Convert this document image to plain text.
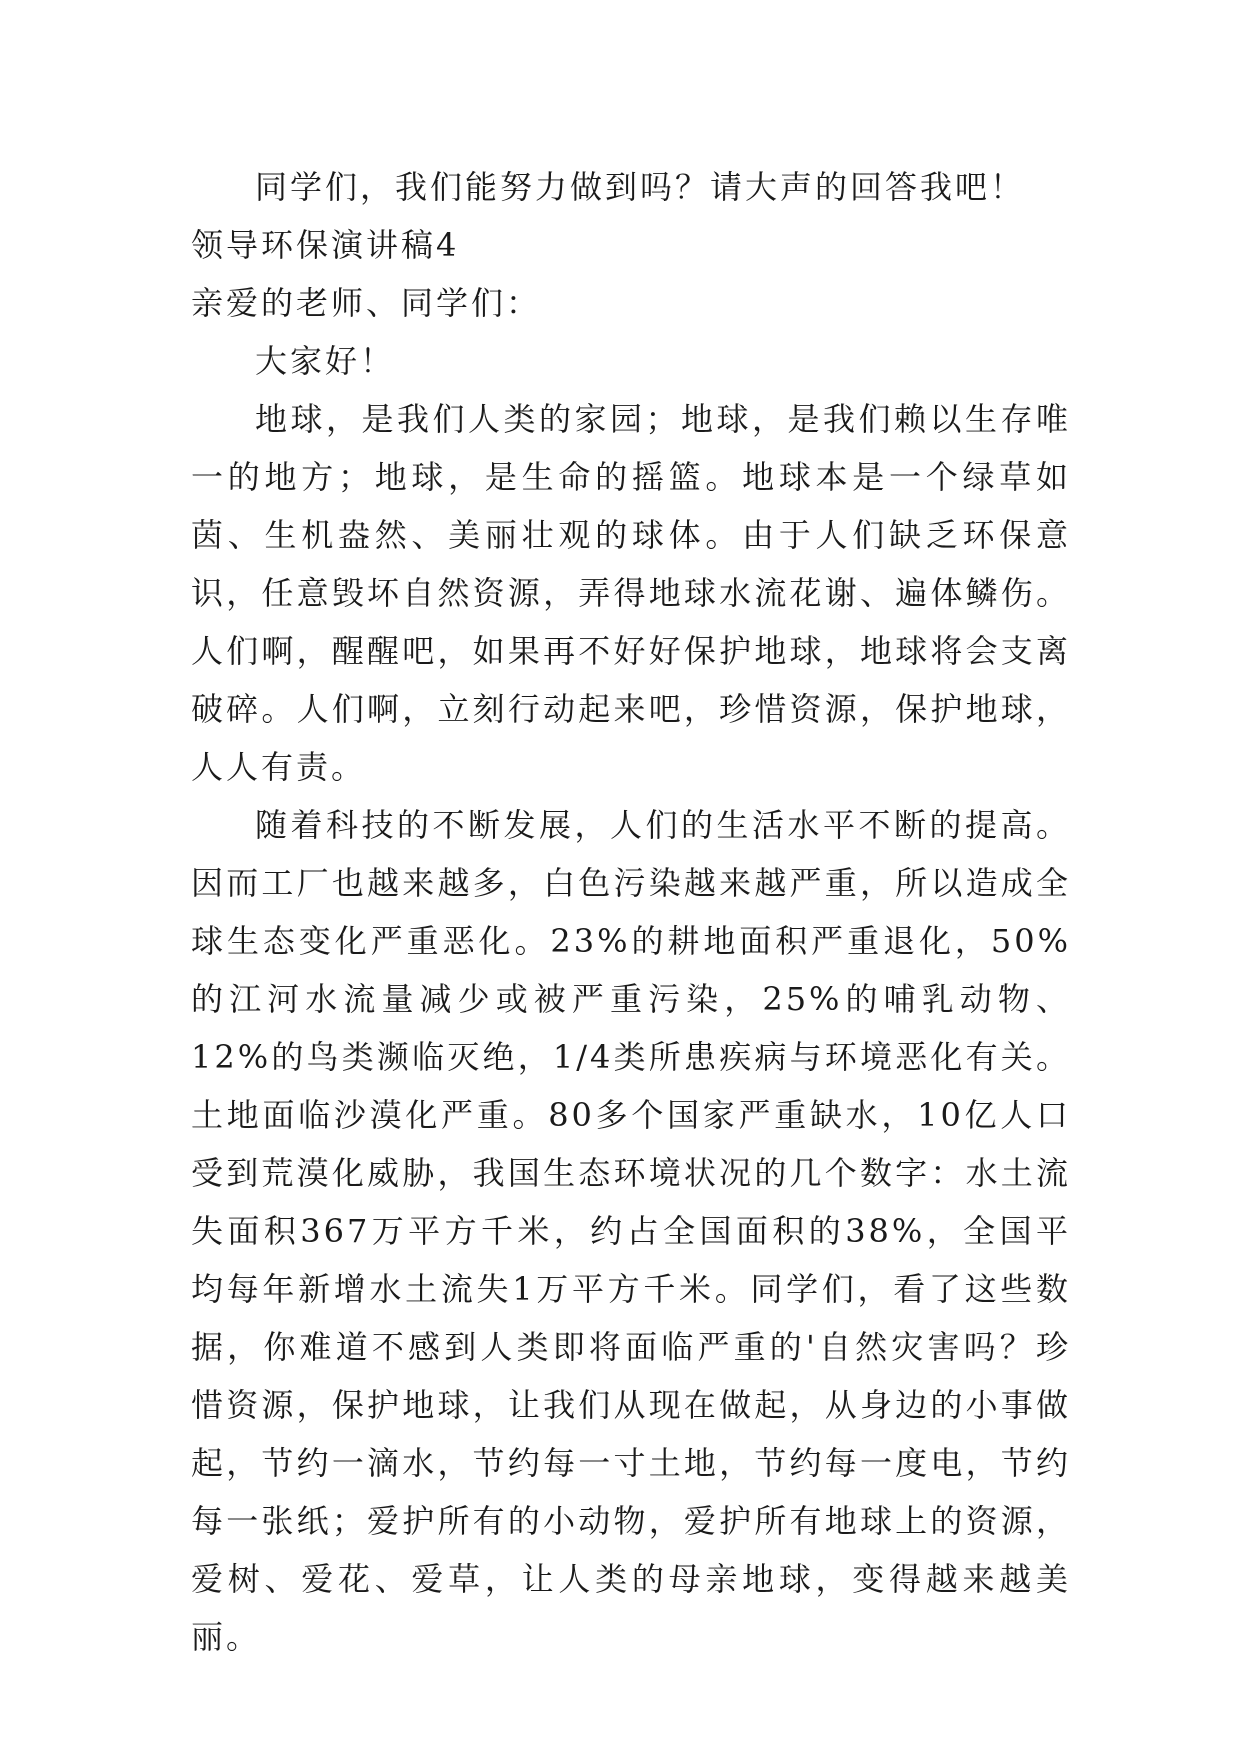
同学们，我们能努力做到吗？请大声的回答我吧！

领导环保演讲稿4

亲爱的老师、同学们：

大家好！

地球，是我们人类的家园；地球，是我们赖以生存唯一的地方；地球，是生命的摇篮。地球本是一个绿草如茵、生机盎然、美丽壮观的球体。由于人们缺乏环保意识，任意毁坏自然资源，弄得地球水流花谢、遍体鳞伤。人们啊，醒醒吧，如果再不好好保护地球，地球将会支离破碎。人们啊，立刻行动起来吧，珍惜资源，保护地球，人人有责。

随着科技的不断发展，人们的生活水平不断的提高。因而工厂也越来越多，白色污染越来越严重，所以造成全球生态变化严重恶化。23%的耕地面积严重退化，50%的江河水流量减少或被严重污染，25%的哺乳动物、12%的鸟类濒临灭绝，1/4类所患疾病与环境恶化有关。土地面临沙漠化严重。80多个国家严重缺水，10亿人口受到荒漠化威胁，我国生态环境状况的几个数字：水土流失面积367万平方千米，约占全国面积的38%，全国平均每年新增水土流失1万平方千米。同学们，看了这些数据，你难道不感到人类即将面临严重的'自然灾害吗？珍惜资源，保护地球，让我们从现在做起，从身边的小事做起，节约一滴水，节约每一寸土地，节约每一度电，节约每一张纸；爱护所有的小动物，爱护所有地球上的资源，爱树、爱花、爱草，让人类的母亲地球，变得越来越美丽。
